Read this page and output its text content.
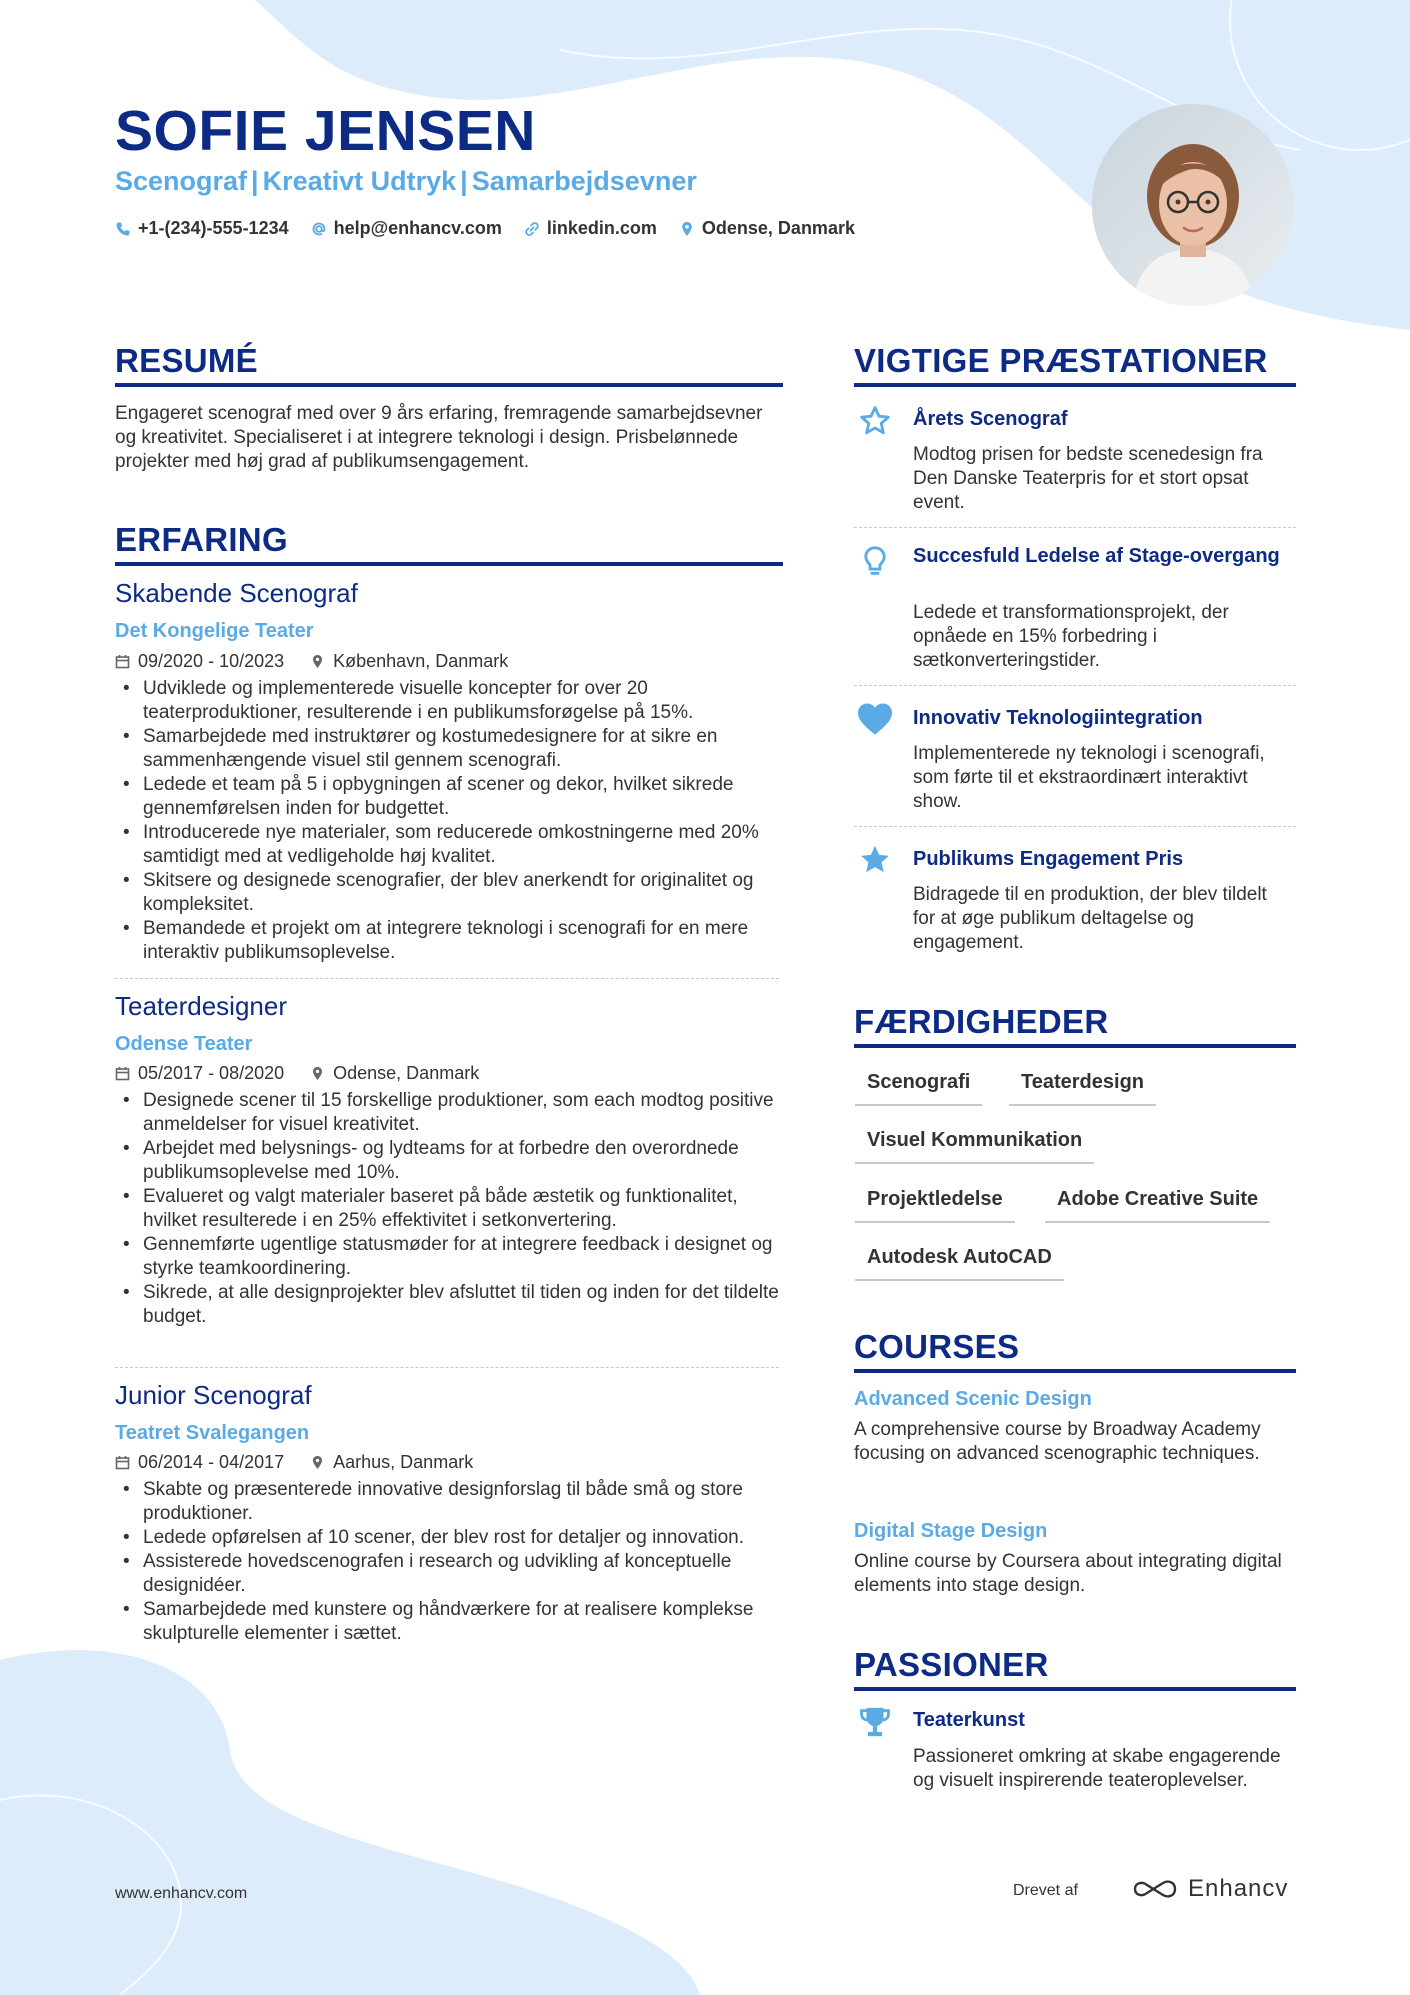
SOFIE JENSEN
Scenograf | Kreativt Udtryk | Samarbejdsevner
+1-(234)-555-1234	help@enhancv.com	linkedin.com	Odense, Danmark
RESUMÉ
Engageret scenograf med over 9 års erfaring, fremragende samarbejdsevner og kreativitet. Specialiseret i at integrere teknologi i design. Prisbelønnede projekter med høj grad af publikumsengagement.
ERFARING
Skabende Scenograf
Det Kongelige Teater
09/2020 - 10/2023	København, Danmark
• Udviklede og implementerede visuelle koncepter for over 20 teaterproduktioner, resulterende i en publikumsforøgelse på 15%.
• Samarbejdede med instruktører og kostumedesignere for at sikre en sammenhængende visuel stil gennem scenografi.
• Ledede et team på 5 i opbygningen af scener og dekor, hvilket sikrede gennemførelsen inden for budgettet.
• Introducerede nye materialer, som reducerede omkostningerne med 20% samtidigt med at vedligeholde høj kvalitet.
• Skitsere og designede scenografier, der blev anerkendt for originalitet og kompleksitet.
• Bemandede et projekt om at integrere teknologi i scenografi for en mere interaktiv publikumsoplevelse.
Teaterdesigner
Odense Teater
05/2017 - 08/2020	Odense, Danmark
• Designede scener til 15 forskellige produktioner, som each modtog positive anmeldelser for visuel kreativitet.
• Arbejdet med belysnings- og lydteams for at forbedre den overordnede publikumsoplevelse med 10%.
• Evalueret og valgt materialer baseret på både æstetik og funktionalitet, hvilket resulterede i en 25% effektivitet i setkonvertering.
• Gennemførte ugentlige statusmøder for at integrere feedback i designet og styrke teamkoordinering.
• Sikrede, at alle designprojekter blev afsluttet til tiden og inden for det tildelte budget.
Junior Scenograf
Teatret Svalegangen
06/2014 - 04/2017	Aarhus, Danmark
• Skabte og præsenterede innovative designforslag til både små og store produktioner.
• Ledede opførelsen af 10 scener, der blev rost for detaljer og innovation.
• Assisterede hovedscenografen i research og udvikling af konceptuelle designidéer.
• Samarbejdede med kunstere og håndværkere for at realisere komplekse skulpturelle elementer i sættet.
VIGTIGE PRÆSTATIONER
Årets Scenograf
Modtog prisen for bedste scenedesign fra Den Danske Teaterpris for et stort opsat event.
Succesfuld Ledelse af Stage-overgang
Ledede et transformationsprojekt, der opnåede en 15% forbedring i sætkonverteringstider.
Innovativ Teknologiintegration
Implementerede ny teknologi i scenografi, som førte til et ekstraordinært interaktivt show.
Publikums Engagement Pris
Bidragede til en produktion, der blev tildelt for at øge publikum deltagelse og engagement.
FÆRDIGHEDER
Scenografi	Teaterdesign
Visuel Kommunikation
Projektledelse	Adobe Creative Suite
Autodesk AutoCAD
COURSES
Advanced Scenic Design
A comprehensive course by Broadway Academy focusing on advanced scenographic techniques.
Digital Stage Design
Online course by Coursera about integrating digital elements into stage design.
PASSIONER
Teaterkunst
Passioneret omkring at skabe engagerende og visuelt inspirerende teateroplevelser.
www.enhancv.com	Drevet af	Enhancv
